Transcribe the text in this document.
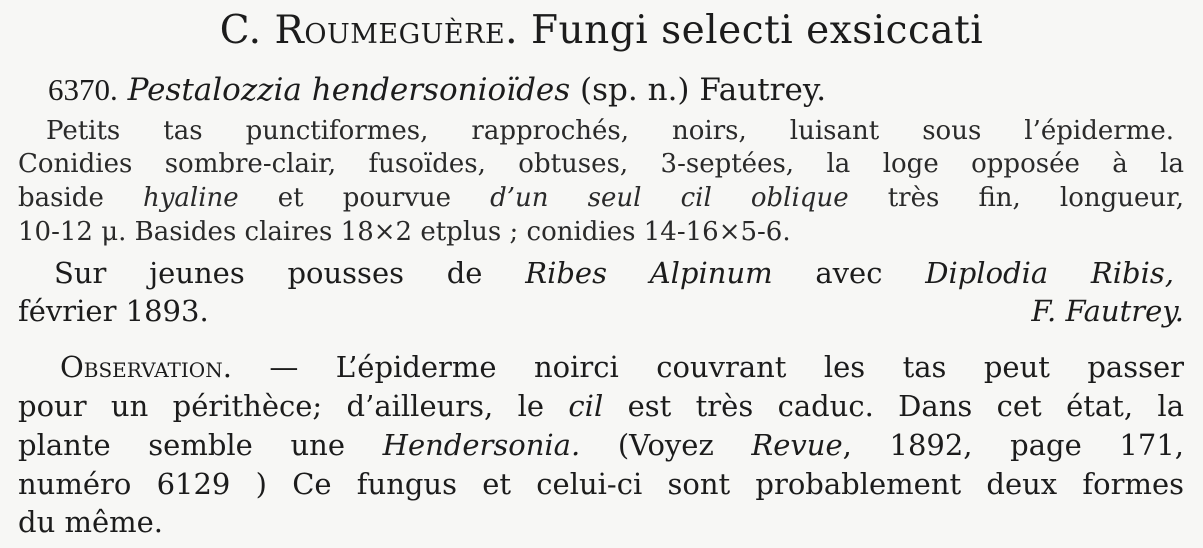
C. Roumeguère. Fungi selecti exsiccati
6370. Pestalozzia hendersonioïdes (sp. n.) Fautrey.
Petits tas punctiformes, rapprochés, noirs, luisant sous l’épiderme.
Conidies sombre-clair, fusoïdes, obtuses, 3-septées, la loge opposée à la
baside hyaline et pourvue d’un seul cil oblique très fin, longueur,
10-12 μ. Basides claires 18×2 etplus ; conidies 14-16×5-6.
Sur jeunes pousses de Ribes Alpinum avec Diplodia Ribis,
février 1893.	F. Fautrey.
Observation. — L’épiderme noirci couvrant les tas peut passer
pour un périthèce; d’ailleurs, le cil est très caduc. Dans cet état, la
plante semble une Hendersonia. (Voyez Revue, 1892, page 171,
numéro 6129 ) Ce fungus et celui-ci sont probablement deux formes
du même.
